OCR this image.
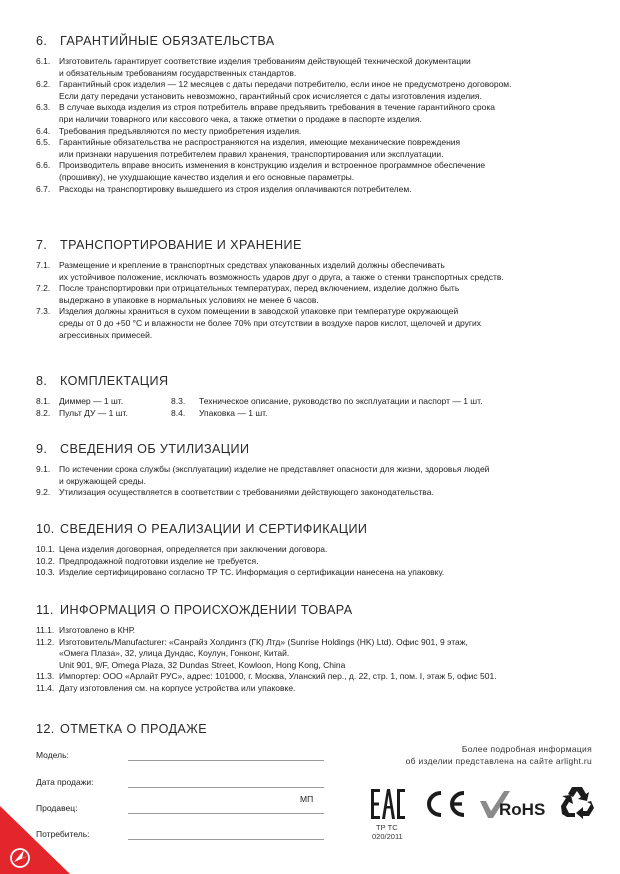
6.	ГАРАНТИЙНЫЕ ОБЯЗАТЕЛЬСТВА
6.1.	Изготовитель гарантирует соответствие изделия требованиям действующей технической документации
и обязательным требованиям государственных стандартов.
6.2.	Гарантийный срок изделия — 12 месяцев с даты передачи потребителю, если иное не предусмотрено договором.
Если дату передачи установить невозможно, гарантийный срок исчисляется с даты изготовления изделия.
6.3.	В случае выхода изделия из строя потребитель вправе предъявить требования в течение гарантийного срока
при наличии товарного или кассового чека, а также отметки о продаже в паспорте изделия.
6.4.	Требования предъявляются по месту приобретения изделия.
6.5.	Гарантийные обязательства не распространяются на изделия, имеющие механические повреждения
или признаки нарушения потребителем правил хранения, транспортирования или эксплуатации.
6.6.	Производитель вправе вносить изменения в конструкцию изделия и встроенное программное обеспечение
(прошивку), не ухудшающие качество изделия и его основные параметры.
6.7.	Расходы на транспортировку вышедшего из строя изделия оплачиваются потребителем.
7.	ТРАНСПОРТИРОВАНИЕ И ХРАНЕНИЕ
7.1.	Размещение и крепление в транспортных средствах упакованных изделий должны обеспечивать
их устойчивое положение, исключать возможность ударов друг о друга, а также о стенки транспортных средств.
7.2.	После транспортировки при отрицательных температурах, перед включением, изделие должно быть
выдержано в упаковке в нормальных условиях не менее 6 часов.
7.3.	Изделия должны храниться в сухом помещении в заводской упаковке при температуре окружающей
среды от 0 до +50 °С и влажности не более 70% при отсутствии в воздухе паров кислот, щелочей и других
агрессивных примесей.
8.	КОМПЛЕКТАЦИЯ
8.1.	Диммер — 1 шт.
8.2.	Пульт ДУ — 1 шт.
8.3.	Техническое описание, руководство по эксплуатации и паспорт — 1 шт.
8.4.	Упаковка — 1 шт.
9.	СВЕДЕНИЯ ОБ УТИЛИЗАЦИИ
9.1.	По истечении срока службы (эксплуатации) изделие не представляет опасности для жизни, здоровья людей
и окружающей среды.
9.2.	Утилизация осуществляется в соответствии с требованиями действующего законодательства.
10. СВЕДЕНИЯ О РЕАЛИЗАЦИИ И СЕРТИФИКАЦИИ
10.1. Цена изделия договорная, определяется при заключении договора.
10.2. Предпродажной подготовки изделие не требуется.
10.3. Изделие сертифицировано согласно ТР ТС. Информация о сертификации нанесена на упаковку.
11. ИНФОРМАЦИЯ О ПРОИСХОЖДЕНИИ ТОВАРА
11.1. Изготовлено в КНР.
11.2. Изготовитель/Manufacturer: «Санрайз Холдингз (ГК) Лтд» (Sunrise Holdings (HK) Ltd). Офис 901, 9 этаж,
«Омега Плаза», 32, улица Дундас, Коулун, Гонконг, Китай.
Unit 901, 9/F, Omega Plaza, 32 Dundas Street, Kowloon, Hong Kong, China
11.3. Импортер: ООО «Арлайт РУС», адрес: 101000, г. Москва, Уланский пер., д. 22, стр. 1, пом. I, этаж 5, офис 501.
11.4. Дату изготовления см. на корпусе устройства или упаковке.
12. ОТМЕТКА О ПРОДАЖЕ
Модель:
Дата продажи:
МП
Продавец:
Потребитель:
Более подробная информация
об изделии представлена на сайте arlight.ru
ТР ТС
020/2011
RoHS
